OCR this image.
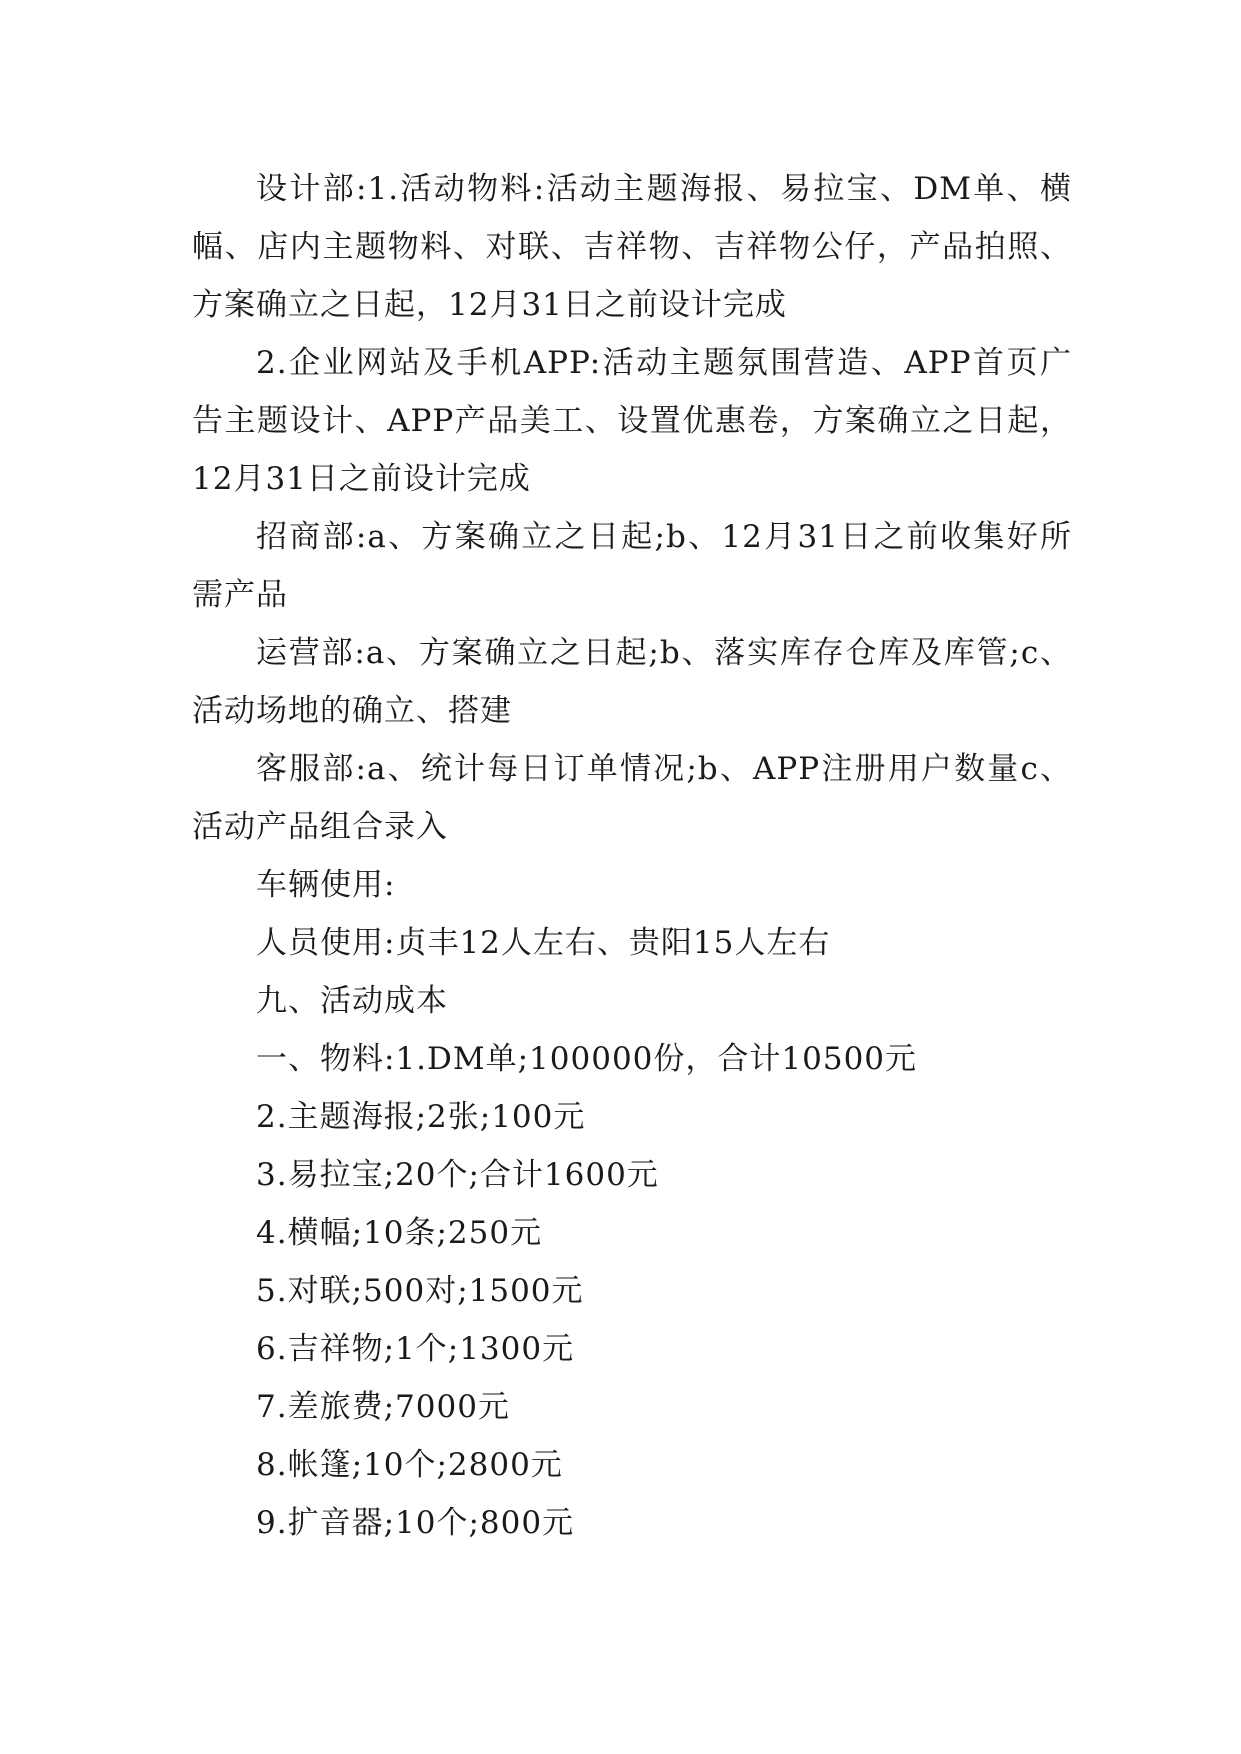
设计部:1.活动物料:活动主题海报、易拉宝、DM单、横幅、店内主题物料、对联、吉祥物、吉祥物公仔，产品拍照、方案确立之日起，12月31日之前设计完成

2.企业网站及手机APP:活动主题氛围营造、APP首页广告主题设计、APP产品美工、设置优惠卷，方案确立之日起，12月31日之前设计完成

招商部:a、方案确立之日起;b、12月31日之前收集好所需产品

运营部:a、方案确立之日起;b、落实库存仓库及库管;c、活动场地的确立、搭建

客服部:a、统计每日订单情况;b、APP注册用户数量c、活动产品组合录入

车辆使用:

人员使用:贞丰12人左右、贵阳15人左右

九、活动成本

一、物料:1.DM单;100000份，合计10500元

2.主题海报;2张;100元

3.易拉宝;20个;合计1600元

4.横幅;10条;250元

5.对联;500对;1500元

6.吉祥物;1个;1300元

7.差旅费;7000元

8.帐篷;10个;2800元

9.扩音器;10个;800元
